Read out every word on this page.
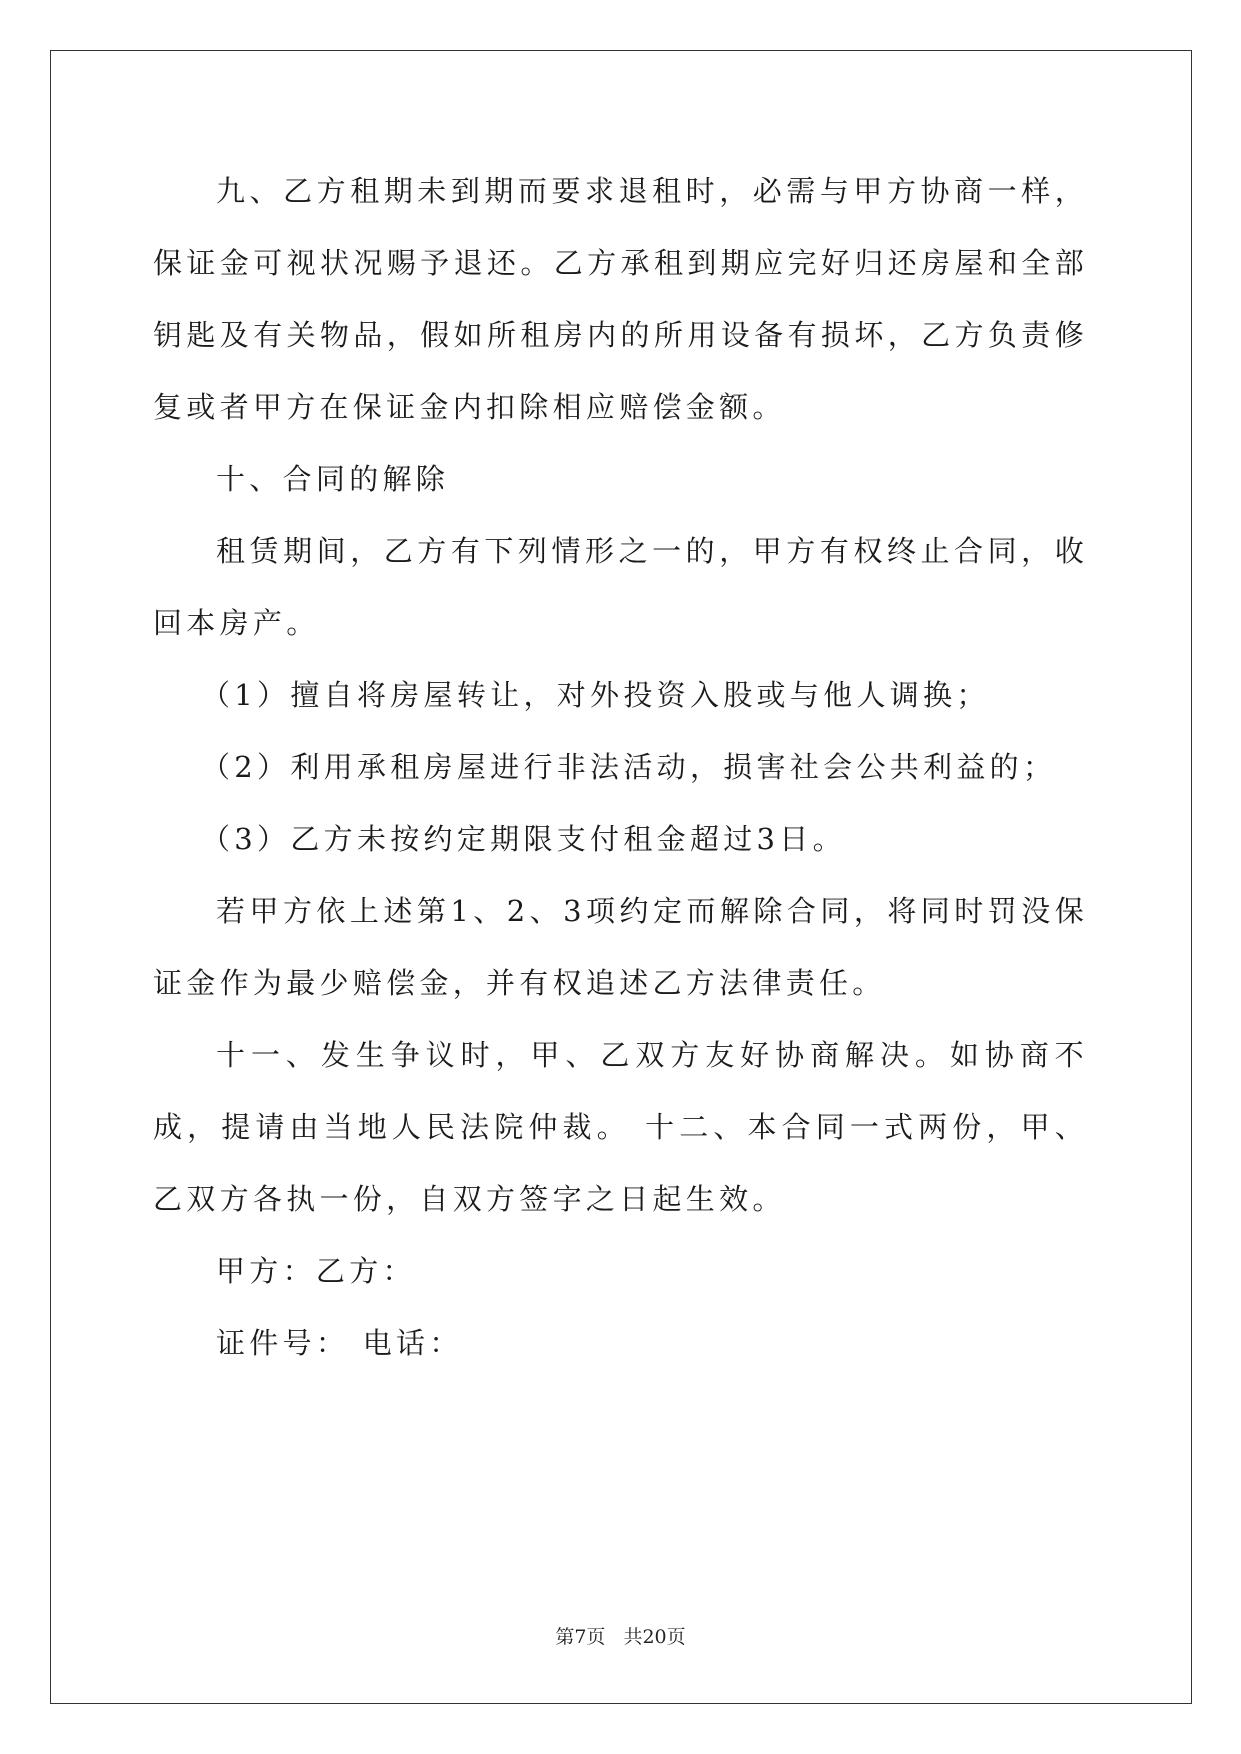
九、乙方租期未到期而要求退租时，必需与甲方协商一样，保证金可视状况赐予退还。乙方承租到期应完好归还房屋和全部钥匙及有关物品，假如所租房内的所用设备有损坏，乙方负责修复或者甲方在保证金内扣除相应赔偿金额。

十、合同的解除

租赁期间，乙方有下列情形之一的，甲方有权终止合同，收回本房产。

（1）擅自将房屋转让，对外投资入股或与他人调换；

（2）利用承租房屋进行非法活动，损害社会公共利益的；

（3）乙方未按约定期限支付租金超过3日。

若甲方依上述第1、2、3项约定而解除合同，将同时罚没保证金作为最少赔偿金，并有权追述乙方法律责任。

十一、发生争议时，甲、乙双方友好协商解决。如协商不成，提请由当地人民法院仲裁。 十二、本合同一式两份，甲、乙双方各执一份，自双方签字之日起生效。

甲方：乙方：

证件号： 电话：

第7页 共20页
